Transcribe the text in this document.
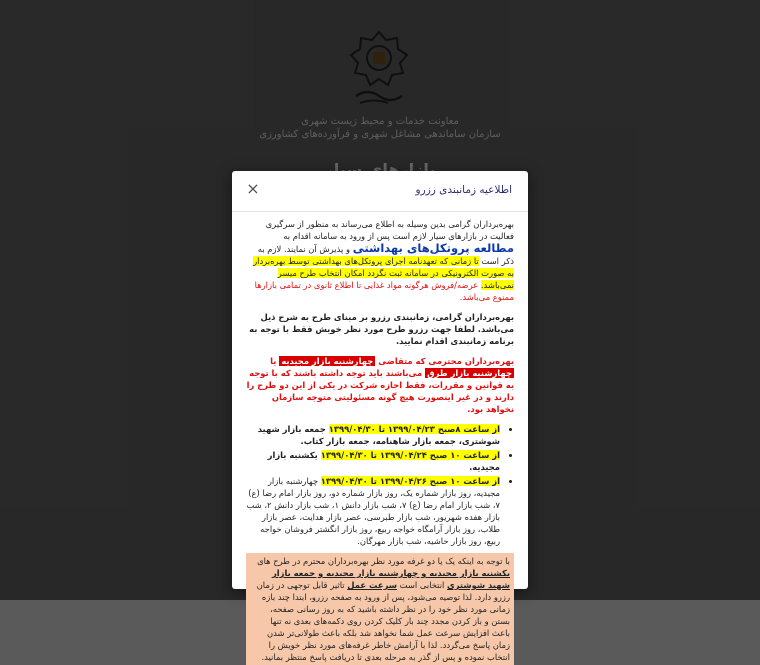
اطلاعیه زمانبندی رزرو
×

بهره‌برداران گرامی بدین وسیله به اطلاع می‌رساند به منظور از سرگیری فعالیت در بازارهای سیار لازم است پس از ورود به سامانه اقدام به مطالعه پروتکل‌های بهداشتی و پذیرش آن نمایند. لازم به ذکر است تا زمانی که تعهدنامه اجرای پروتکل‌های بهداشتی توسط بهره‌بردار به صورت الکترونیکی در سامانه ثبت نگردد امکان انتخاب طرح میسر نمی‌باشد. عرضه/فروش هرگونه مواد غذایی تا اطلاع ثانوی در تمامی بازارها ممنوع می‌باشد.

بهره‌برداران گرامی، زمانبندی رزرو بر مبنای طرح به شرح ذیل می‌باشد. لطفا جهت رزرو طرح مورد نظر خویش فقط با توجه به برنامه زمانبندی اقدام نمایید.

بهره‌برداران محترمی که متقاضی چهارشنبه بازار مجیدیه یا چهارشنبه بازار طرق می‌باشند باید توجه داشته باشند که با توجه به قوانین و مقررات، فقط اجازه شرکت در یکی از این دو طرح را دارند و در غیر اینصورت هیچ گونه مسئولیتی متوجه سازمان نخواهد بود.

• از ساعت ۸صبح ۱۳۹۹/۰۴/۲۳ تا ۱۳۹۹/۰۴/۳۰ جمعه بازار شهید شوشتری، جمعه بازار شاهنامه، جمعه بازار کتاب.
• از ساعت ۱۰ صبح ۱۳۹۹/۰۴/۲۴ تا ۱۳۹۹/۰۴/۳۰ یکشنبه بازار مجیدیه.
• از ساعت ۱۰ صبح ۱۳۹۹/۰۴/۲۶ تا ۱۳۹۹/۰۴/۳۰ چهارشنبه بازار مجیدیه، روز بازار شماره یک، روز بازار شماره دو، روز بازار امام رضا (ع) ۷، شب بازار امام رضا (ع) ۷، شب بازار دانش ۱، شب بازار دانش ۲، شب بازار هفده شهریور، شب بازار طبرسی، عصر بازار هدایت، عصر بازار طلاب، روز بازار آرامگاه خواجه ربیع، روز بازار انگشتر فروشان خواجه ربیع، روز بازار حاشیه، شب بازار مهرگان.

با توجه به اینکه یک یا دو غرفه مورد نظر بهره‌برداران محترم در طرح های یکشنبه بازار مجیدیه و چهارشنبه بازار مجیدیه و جمعه بازار شهید شوشتری انتخابی است سرعت عمل تاثیر قابل توجهی در زمان رزرو دارد. لذا توصیه می‌شود، پس از ورود به صفحه رزرو، ابتدا چند بازه زمانی مورد نظر خود را در نظر داشته باشید که به روز رسانی صفحه، بستن و باز کردن مجدد چند بار کلیک کردن روی دکمه‌های بعدی نه تنها باعث افزایش سرعت عمل شما نخواهد شد بلکه باعث طولانی‌تر شدن زمان پاسخ می‌گردد. لذا با آرامش خاطر غرفه‌های مورد نظر خویش را انتخاب نموده و پس از گذر به مرحله بعدی تا دریافت پاسخ منتظر بمانید.
